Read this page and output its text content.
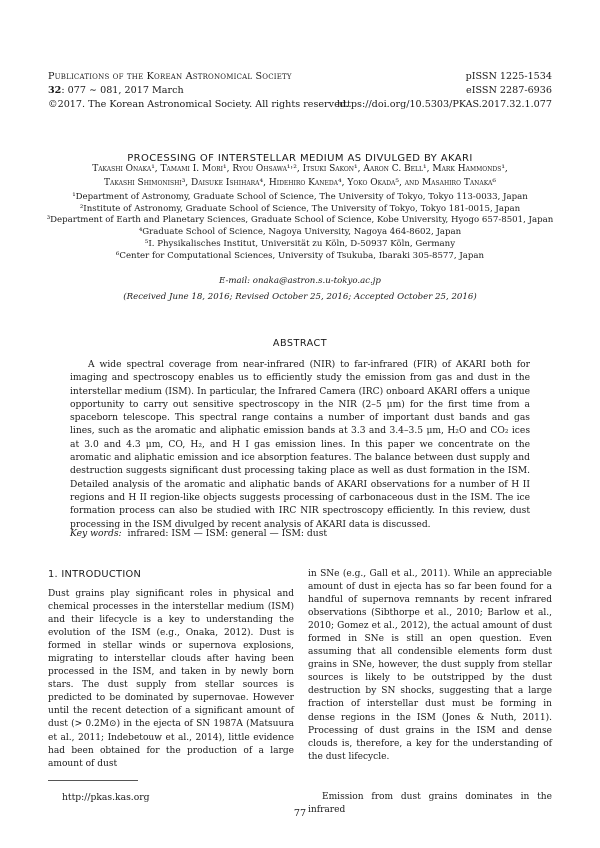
Publications of the Korean Astronomical Society
32: 077 ∼ 081, 2017 March
©2017. The Korean Astronomical Society. All rights reserved.
pISSN 1225-1534
eISSN 2287-6936
https://doi.org/10.5303/PKAS.2017.32.1.077
PROCESSING OF INTERSTELLAR MEDIUM AS DIVULGED BY AKARI
Takashi Onaka¹, Tamami I. Mori¹, Ryou Ohsawa¹˒², Itsuki Sakon¹, Aaron C. Bell¹, Mark Hammonds¹,
Takashi Shimonishi³, Daisuke Ishihara⁴, Hidehiro Kaneda⁴, Yoko Okada⁵, and Masahiro Tanaka⁶
¹Department of Astronomy, Graduate School of Science, The University of Tokyo, Tokyo 113-0033, Japan
²Institute of Astronomy, Graduate School of Science, The University of Tokyo, Tokyo 181-0015, Japan
³Department of Earth and Planetary Sciences, Graduate School of Science, Kobe University, Hyogo 657-8501, Japan
⁴Graduate School of Science, Nagoya University, Nagoya 464-8602, Japan
⁵I. Physikalisches Institut, Universität zu Köln, D-50937 Köln, Germany
⁶Center for Computational Sciences, University of Tsukuba, Ibaraki 305-8577, Japan
E-mail: onaka@astron.s.u-tokyo.ac.jp
(Received June 18, 2016; Revised October 25, 2016; Accepted October 25, 2016)
ABSTRACT
A wide spectral coverage from near-infrared (NIR) to far-infrared (FIR) of AKARI both for imaging and spectroscopy enables us to efficiently study the emission from gas and dust in the interstellar medium (ISM). In particular, the Infrared Camera (IRC) onboard AKARI offers a unique opportunity to carry out sensitive spectroscopy in the NIR (2–5 μm) for the first time from a spaceborn telescope. This spectral range contains a number of important dust bands and gas lines, such as the aromatic and aliphatic emission bands at 3.3 and 3.4–3.5 μm, H₂O and CO₂ ices at 3.0 and 4.3 μm, CO, H₂, and H I gas emission lines. In this paper we concentrate on the aromatic and aliphatic emission and ice absorption features. The balance between dust supply and destruction suggests significant dust processing taking place as well as dust formation in the ISM. Detailed analysis of the aromatic and aliphatic bands of AKARI observations for a number of H II regions and H II region-like objects suggests processing of carbonaceous dust in the ISM. The ice formation process can also be studied with IRC NIR spectroscopy efficiently. In this review, dust processing in the ISM divulged by recent analysis of AKARI data is discussed.
Key words: infrared: ISM — ISM: general — ISM: dust
1. INTRODUCTION
Dust grains play significant roles in physical and chemical processes in the interstellar medium (ISM) and their lifecycle is a key to understanding the evolution of the ISM (e.g., Onaka, 2012). Dust is formed in stellar winds or supernova explosions, migrating to interstellar clouds after having been processed in the ISM, and taken in by newly born stars. The dust supply from stellar sources is predicted to be dominated by supernovae. However until the recent detection of a significant amount of dust (> 0.2M⊙) in the ejecta of SN 1987A (Matsuura et al., 2011; Indebetouw et al., 2014), little evidence had been obtained for the production of a large amount of dust
in SNe (e.g., Gall et al., 2011). While an appreciable amount of dust in ejecta has so far been found for a handful of supernova remnants by recent infrared observations (Sibthorpe et al., 2010; Barlow et al., 2010; Gomez et al., 2012), the actual amount of dust formed in SNe is still an open question. Even assuming that all condensible elements form dust grains in SNe, however, the dust supply from stellar sources is likely to be outstripped by the dust destruction by SN shocks, suggesting that a large fraction of interstellar dust must be forming in dense regions in the ISM (Jones & Nuth, 2011). Processing of dust grains in the ISM and dense clouds is, therefore, a key for the understanding of the dust lifecycle.
Emission from dust grains dominates in the infrared
http://pkas.kas.org
77
